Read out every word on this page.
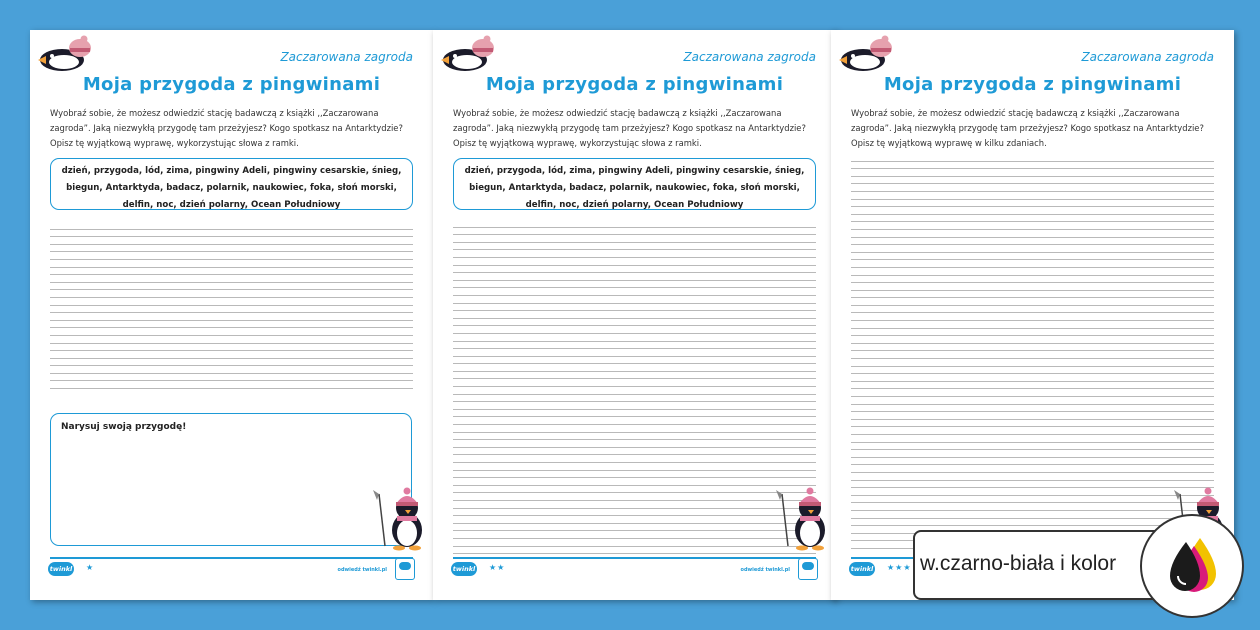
Zaczarowana zagroda
Moja przygoda z pingwinami
Wyobraź sobie, że możesz odwiedzić stację badawczą z książki ,,Zaczarowana zagroda”. Jaką niezwykłą przygodę tam przeżyjesz? Kogo spotkasz na Antarktydzie? Opisz tę wyjątkową wyprawę, wykorzystując słowa z ramki.
dzień, przygoda, lód, zima, pingwiny Adeli, pingwiny cesarskie, śnieg, biegun, Antarktyda, badacz, polarnik, naukowiec, foka, słoń morski, delfin, noc, dzień polarny, Ocean Południowy
Narysuj swoją przygodę!
twinkl ★	odwiedź twinkl.pl
Zaczarowana zagroda
Moja przygoda z pingwinami
Wyobraź sobie, że możesz odwiedzić stację badawczą z książki ,,Zaczarowana zagroda”. Jaką niezwykłą przygodę tam przeżyjesz? Kogo spotkasz na Antarktydzie? Opisz tę wyjątkową wyprawę, wykorzystując słowa z ramki.
dzień, przygoda, lód, zima, pingwiny Adeli, pingwiny cesarskie, śnieg, biegun, Antarktyda, badacz, polarnik, naukowiec, foka, słoń morski, delfin, noc, dzień polarny, Ocean Południowy
twinkl ★★	odwiedź twinkl.pl
Zaczarowana zagroda
Moja przygoda z pingwinami
Wyobraź sobie, że możesz odwiedzić stację badawczą z książki ,,Zaczarowana zagroda”. Jaką niezwykłą przygodę tam przeżyjesz? Kogo spotkasz na Antarktydzie? Opisz tę wyjątkową wyprawę w kilku zdaniach.
twinkl ★★★ w.czarno-biała i kolor
